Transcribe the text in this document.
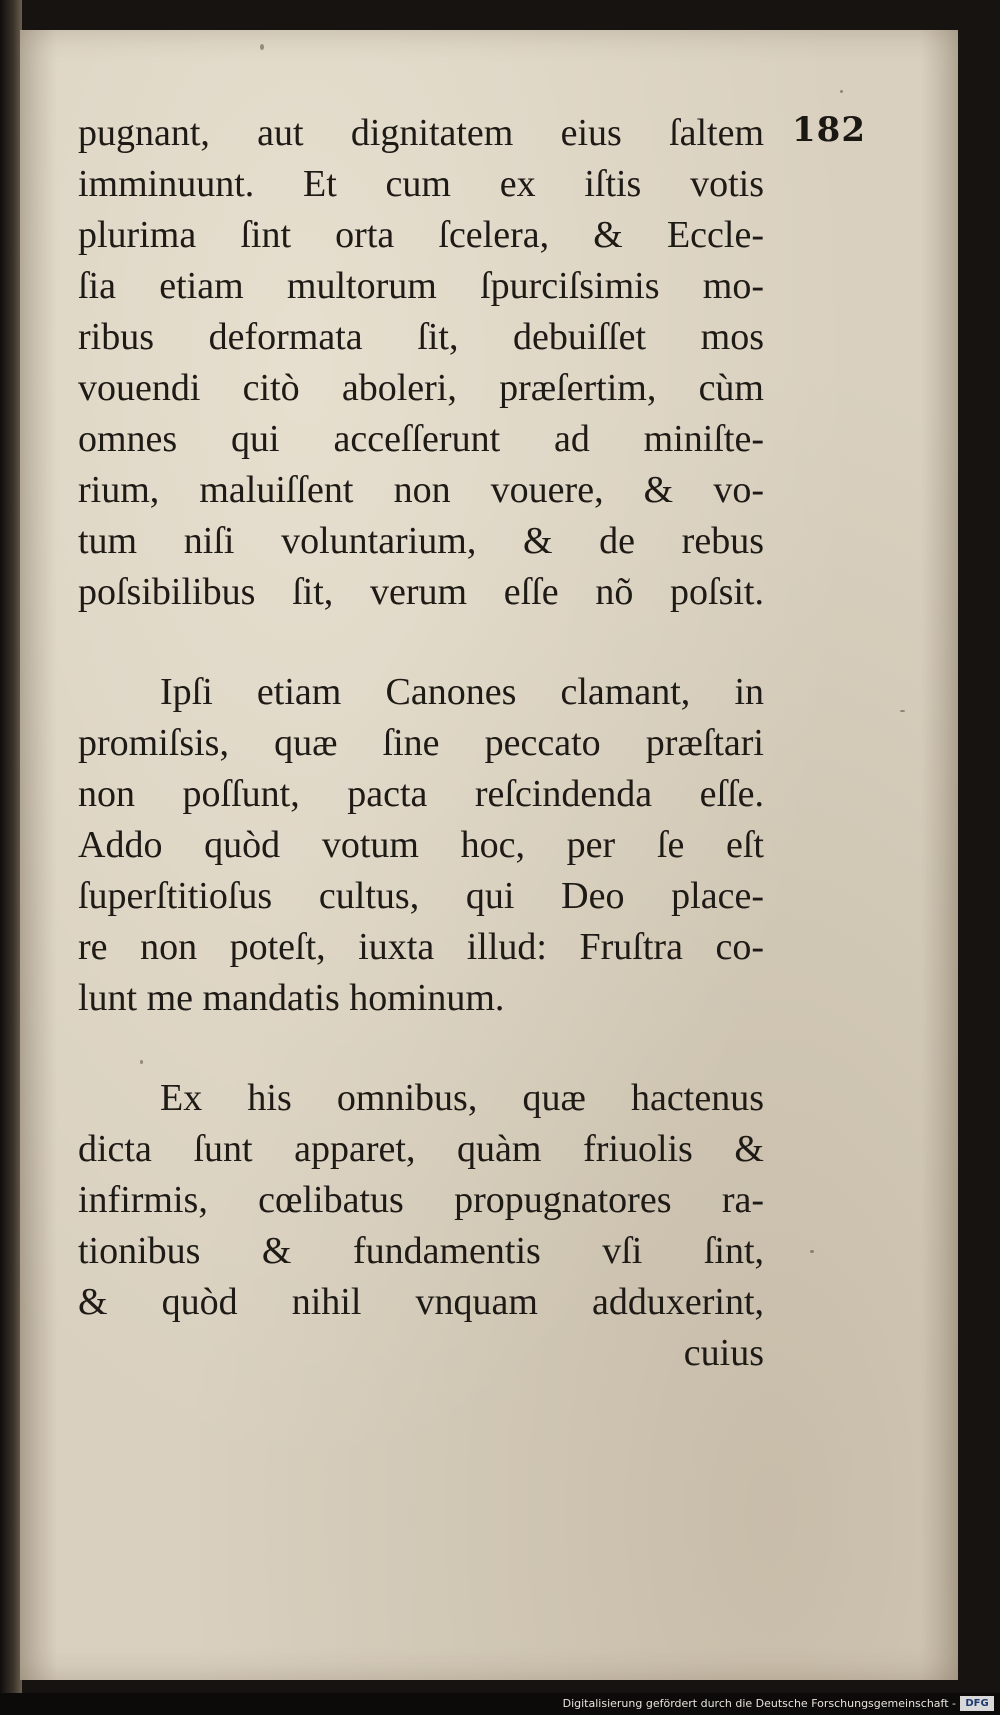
182
pugnant, aut dignitatem eius ſaltem
imminuunt. Et cum ex iſtis votis
plurima ſint orta ſcelera, & Eccle-
ſia etiam multorum ſpurciſsimis mo-
ribus deformata ſit, debuiſſet mos
vouendi citò aboleri, præſertim, cùm
omnes qui acceſſerunt ad miniſte-
rium, maluiſſent non vouere, & vo-
tum niſi voluntarium, & de rebus
poſsibilibus ſit, verum eſſe nõ poſsit.
Ipſi etiam Canones clamant, in
promiſsis, quæ ſine peccato præſtari
non poſſunt, pacta reſcindenda eſſe.
Addo quòd votum hoc, per ſe eſt
ſuperſtitioſus cultus, qui Deo place-
re non poteſt, iuxta illud: Fruſtra co-
lunt me mandatis hominum.
Ex his omnibus, quæ hactenus
dicta ſunt apparet, quàm friuolis &
infirmis, cœlibatus propugnatores ra-
tionibus & fundamentis vſi ſint,
& quòd nihil vnquam adduxerint,
cuius
Digitalisierung gefördert durch die Deutsche Forschungsgemeinschaft - DFG
